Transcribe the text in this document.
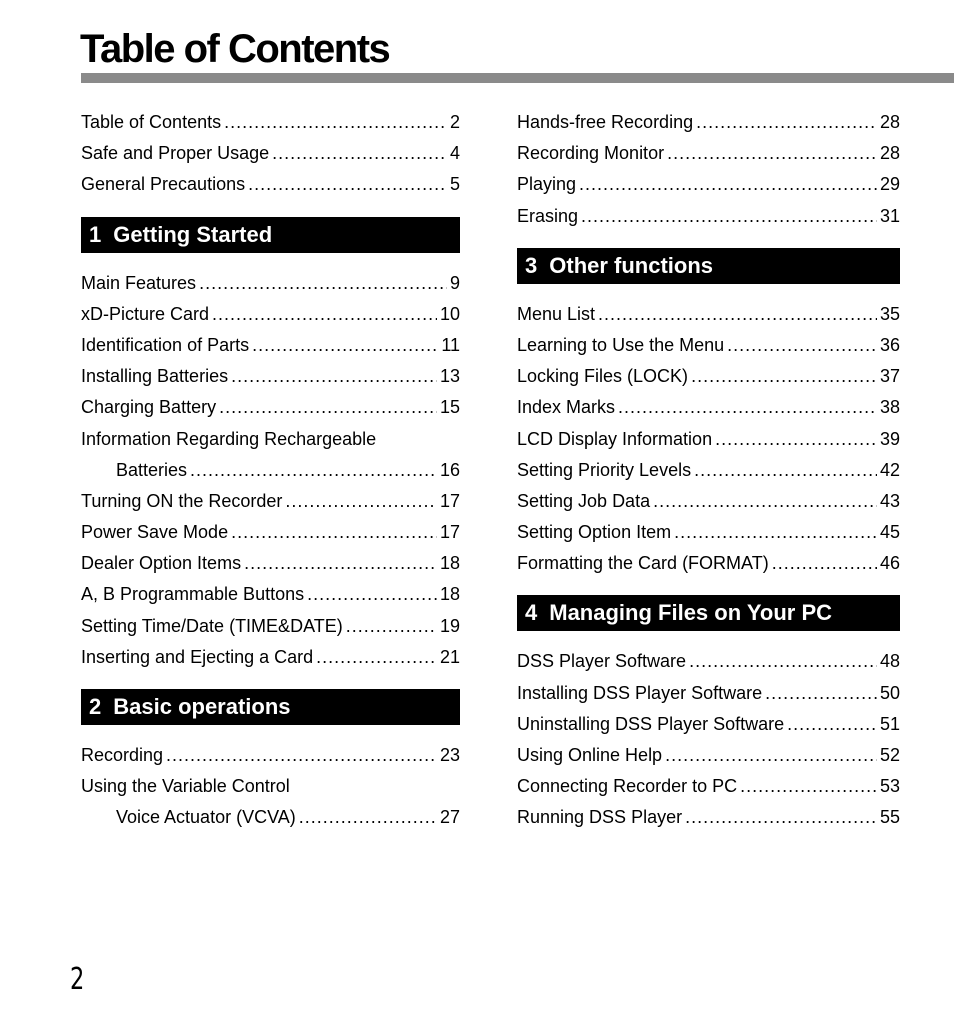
Table of Contents
Table of Contents .....	2
Safe and Proper Usage .....	4
General Precautions .....	5
1 Getting Started
Main Features .....	9
xD-Picture Card .....	10
Identification of Parts .....	11
Installing Batteries .....	13
Charging Battery .....	15
Information Regarding Rechargeable
Batteries .....	16
Turning ON the Recorder .....	17
Power Save Mode .....	17
Dealer Option Items .....	18
A, B Programmable Buttons .....	18
Setting Time/Date (TIME&DATE) .....	19
Inserting and Ejecting a Card .....	21
2 Basic operations
Recording .....	23
Using the Variable Control
Voice Actuator (VCVA) .....	27
Hands-free Recording .....	28
Recording Monitor .....	28
Playing .....	29
Erasing .....	31
3 Other functions
Menu List .....	35
Learning to Use the Menu .....	36
Locking Files (LOCK) .....	37
Index Marks .....	38
LCD Display Information .....	39
Setting Priority Levels .....	42
Setting Job Data .....	43
Setting Option Item .....	45
Formatting the Card (FORMAT) .....	46
4 Managing Files on Your PC
DSS Player Software .....	48
Installing DSS Player Software .....	50
Uninstalling DSS Player Software .....	51
Using Online Help .....	52
Connecting Recorder to PC .....	53
Running DSS Player .....	55
2
